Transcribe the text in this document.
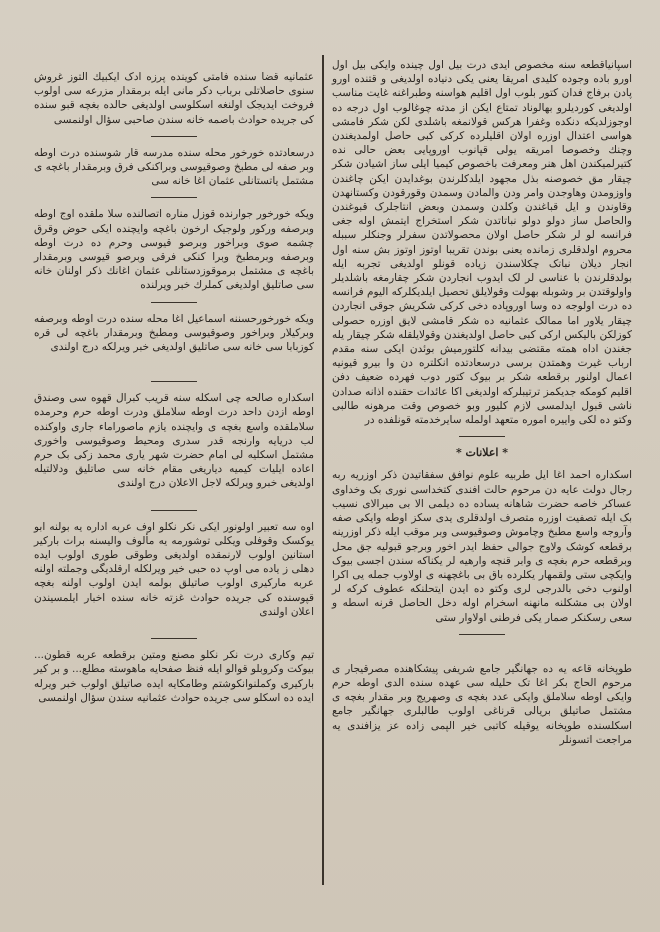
اسپانیاقطعه سنه مخصوص ایدی درت بیل اول چینده وایکی بیل اول اورو باده وجوده کلیدی امریقا یعنی یکی دنیاده اولدیغی و قتنده اورو پادن برفاج فدان کتور بلوب اول اقلیم هواسنه وطبراغنه غایت مناسب اولدیغی کوردیلرو بهالوناد تمتاع ایکن از مدته چوغالوب اول درجه ده اوجوزلدیکه دنکده وغفرا هرکس قولانمغه باشلدی لکن شکر فامشی هواسی اعتدال اوزره اولان اقلیلرده کرکی کبی حاصل اولمدیغندن وچنك وخصوصا امریقه یولی قپانوب اوروپایی بعض حالی نده کتیرلمیکندن اهل هنر ومعرفت باخصوص کیمیا ایلی ساز اشیادن شکر چیقار مق خصوصنه بذل مجهود ایلدکلرندن بوغدایدن ایکن چاغندن واوزومدن وهاوجدن وامر ودن والمادن وسمدن وقورقودن وکستانهدن وقاوندن و ایل قباغندن وکلدن وسمدن وبعض انتاجلرک قبوغندن والحاصل ساز دولو دولو نباتاتدن شکر استخراج ایتمش اوله جغی فرانسه لو لر شکر حاصل اولان محصولاتدن سفرلر وجنکلر سببله محروم اولدقلری زمانده یعنی بوندن تقریبا اوتوز اوتوز بش سنه اول انجار دیلان نباتک چکلاسندن زیاده قونلو اولدیغی تجربه ایله بولدقلرندن با عناسی لر لک ایدوب انجاردن شکر چقارمغه باشلدیلر واولوقتدن بر وشوبله بهولت وقولایلق تحصیل ایلدیکلرکه الیوم فرانسه ده درت اولوجه ده وسا اوروپاده دخی کرکی شکریش جوقی انجاردن چیقار یلاور اما ممالک عثمانیه ده شکر قامشی لایق اوزره حصولی کوزلکن بالیکس ارکی کبی حاصل اولدیغندن وقولایلقله شکر چیقار یله جغندن اداه همته مقتضی بیدانه کلتورمیش بوئدن ایکی سنه مقدم ارباب غیرت وهمتدن برسی درسعادتده انکلتره دن وا بیرو قیونیه اعمال اولنور برقطعه شکر بر بیوک کتور دوب فهرده ضعیف دفن اقلیم کومکه جدیکمز ترتیبلرکه اولدیغی اکا عائدات حقنده اذانه صدادن ناشی قبول ایدلمسی لازم کلیور وبو خصوص وقت مرهونه طالبی وکتو ده لکی واییره اموره متعهد اولمله سایرخدمته قونلفده در

* اعلانات *

اسکداره احمد اغا ایل طربیه علوم نوافق سفقاتیدن ذکر اوزریه ربه رجال دولت عایه دن مرحوم حالت افندی کتخداسی نوری بک وخداوی عساکر خاصه حضرت شاهانه یساده ده دیلمی الا بی میرالای نسیب بک ایله تصفیت اوزره متصرف اولدقلری یدی سکز اوطه وایکی صفه وآروجه واسع مطبخ وچاموش وصوقیوسی وبر موقب ایله ذکر اوزرینه برقطعه کوشک ولاوج جوالی حفظ ایدر اخور وبرجو قبولیه جق محل وبرقطعه حرم بغچه ی وابر قنچه وارهیه لر یکناکه سندن اجسی بیوک وایکچی ستی ولقمهار یکلرده باق بی باغچهنه ی اولاوب جمله یی اکرا اولنوب دخی بالدرجی لری وکتو ده ایدن ایتحلنکه عطوف کرکه لر اولان بی مشکلنه مانهنه اسخرام اوله دخل الحاصل قرنه اسطه و سعی رسکنکر صمار یکی فرطنی اولاوار ستی

طوپخانه قاعه یه ده جهانگیر جامع شریفی پیشکاهنده مصرقیجار ی مرحوم الحاج بکر اغا تک حلیله سی عهده سنده الدی اوطه حرم وایکی اوطه سلاملق وایکی عدد بغچه ی وصهریج وبر مقدار بغچه ی مشتمل صاتیلق بریالی قرناغی اولوب طالبلری جهانگیر جامع اسکلسنده طوپخانه یوقیله کاتبی خیر الپمی زاده عز یزافندی یه مراجعت اتسونلر

عثمانیه قضا سنده فامتی کوینده پرزه ادک ایکبیك التوز غروش سنوی حاصلاتلی برباب دکر مانی ایله برمقدار مزرعه سی اولوب فروخت ایدیجک اولنغه اسکلوسی اولدیغی حالده بغچه قبو سنده کی جریده حوادث باصمه خانه سندن صاحبی سؤال اولنمسی

درسعادتده خورخور محله سنده مدرسه قار شوسنده درت اوطه وبر صفه لی مطبخ وصوقیوسی وبراکنکی فرق وبرمقدار باغچه ی مشتمل یاتستانلی عثمان اغا خانه سی

ویکه خورخور جوارنده قوزل مناره اتصالنده سلا ملقده اوج اوطه وبرصفه ورکور ولوجیک ارخون باغچه وایچنده ایکی حوض وقرق چشمه صوی وبراخور وبرصو قیوسی وحرم ده درت اوطه وبرصفه وبرمطبخ وبرا کنکی فرقی وبرصو قیوسی وبرمقدار باغچه ی مشتمل برموقوزدستانلی عثمان اغانك ذکر اولنان خانه سی صاتلیق اولدیغی کملرك خبر ویرلنده

ویکه خورخورحسننه اسماعیل اغا محله سنده درت اوطه وبرصفه وبرکیلار وبراخور وصوقیوسی ومطبخ وبرمقدار باغچه لی قره کوزبابا سی خانه سی صاتلیق اولدیغی خبر ویرلکه درج اولندی

اسکداره صالحه چی اسکله سنه قریب کبرال قهوه سی وصندق اوطه ازدن داحد درت اوطه سلاملق ودرت اوطه حرم وحرمده سلاملقده واسع بغچه ی وایچنده یازم ماصوراماء جاری واوکنده لب دریایه وارنجه قدر سدری ومحیط وصوقیوسی واخوری مشتمل اسکلیه لی امام حضرت شهر یاری محمد زکی بک حرم اعاده ایلیات کیمیه دیاریغی مقام خانه سی صاتلیق ودلالتیله اولدیغی خبرو ویرلکه لاجل الاعلان درج اولندی

اوه سه تعبیر اولونور ایکی نکر نکلو اوف عربه اداره یه بولنه ابو یوکسک وقوفلی ویکلی توشورمه یه مألوف والیسنه برات بارکیر استانین اولوب لارنمقده اولدیغی وطوقی طوری اولوب ایده دهلی ز یاده می اوپ ده حبی خیر ویرلکله ارقلدیگی وجملته اولنه عربه مارکیری اولوب صاتیلق بولمه ایدن اولوب اولنه بغچه قپوسنده کی جریده حوادث غزته خانه سنده اخبار ایلمسیندن اعلان اولندی

تیم وکاری درت نکر نکلو مصنع ومتین برقطعه عربه قطون... بیوکت وکروبلو قوالو ایله فنظ صفحایه ماهوسته مطلع... و بر کیر بارکیری وکملنوانکوشتم وطامکایه ایده صاتیلق اولوب خبر ویرله ایده ده اسکلو سی جریده حوادث عثمانیه سندن سؤال اولنمسی
